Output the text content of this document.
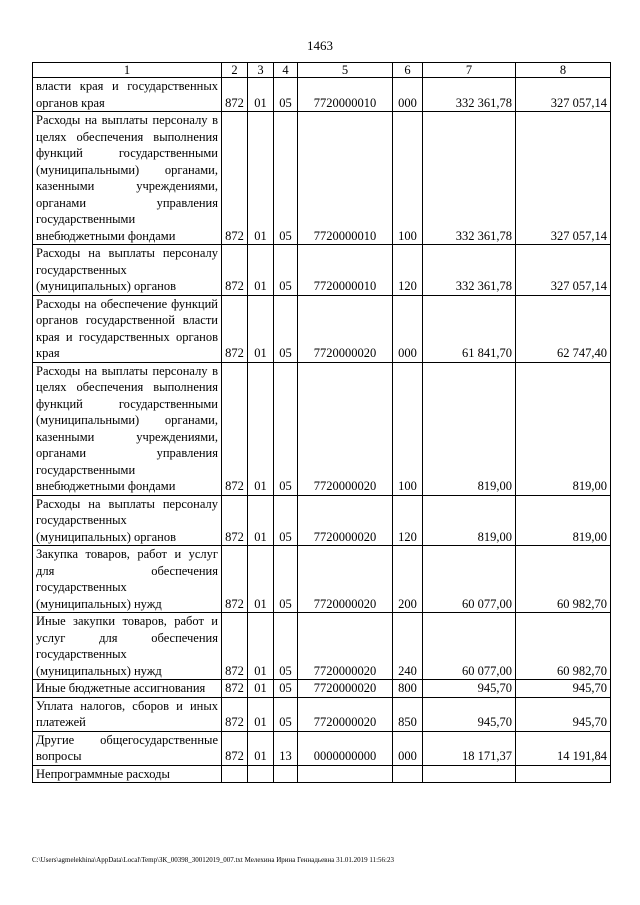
1463
1	2	3	4	5	6	7	8
власти края и государственных органов края	872	01	05	7720000010	000	332 361,78	327 057,14
Расходы на выплаты персоналу в целях обеспечения выполнения функций государственными (муниципальными) органами, казенными учреждениями, органами управления государственными внебюджетными фондами	872	01	05	7720000010	100	332 361,78	327 057,14
Расходы на выплаты персоналу государственных (муниципальных) органов	872	01	05	7720000010	120	332 361,78	327 057,14
Расходы на обеспечение функций органов государственной власти края и государственных органов края	872	01	05	7720000020	000	61 841,70	62 747,40
Расходы на выплаты персоналу в целях обеспечения выполнения функций государственными (муниципальными) органами, казенными учреждениями, органами управления государственными внебюджетными фондами	872	01	05	7720000020	100	819,00	819,00
Расходы на выплаты персоналу государственных (муниципальных) органов	872	01	05	7720000020	120	819,00	819,00
Закупка товаров, работ и услуг для обеспечения государственных (муниципальных) нужд	872	01	05	7720000020	200	60 077,00	60 982,70
Иные закупки товаров, работ и услуг для обеспечения государственных (муниципальных) нужд	872	01	05	7720000020	240	60 077,00	60 982,70
Иные бюджетные ассигнования	872	01	05	7720000020	800	945,70	945,70
Уплата налогов, сборов и иных платежей	872	01	05	7720000020	850	945,70	945,70
Другие общегосударственные вопросы	872	01	13	0000000000	000	18 171,37	14 191,84
Непрограммные расходы							
C:\Users\agmelekhina\AppData\Local\Temp\ЗК_00398_30012019_007.txt Мелехина Ирина Геннадьевна 31.01.2019 11:56:23
